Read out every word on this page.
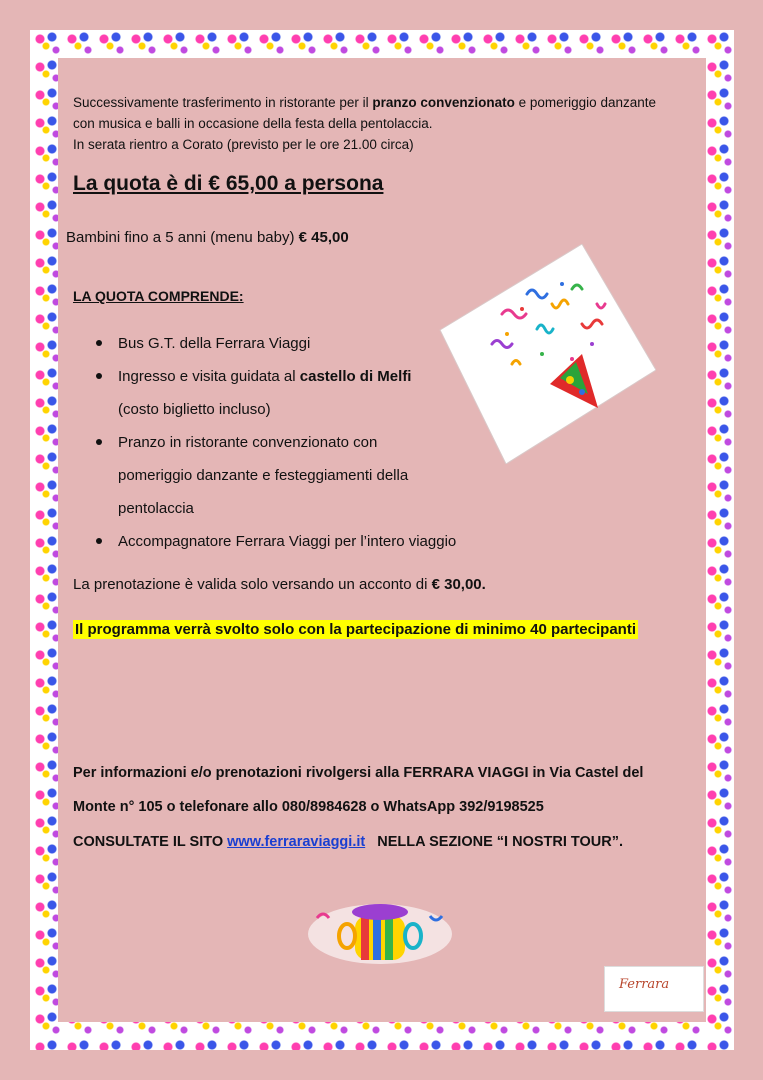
Successivamente trasferimento in ristorante per il pranzo convenzionato e pomeriggio danzante
con musica e balli in occasione della festa della pentolaccia.
In serata rientro a Corato (previsto per le ore 21.00 circa)
La quota è di € 65,00 a persona
Bambini fino a 5 anni (menu baby) € 45,00
LA QUOTA COMPRENDE:
Bus G.T. della Ferrara Viaggi
Ingresso e visita guidata al castello di Melfi (costo biglietto incluso)
Pranzo in ristorante convenzionato con pomeriggio danzante e festeggiamenti della pentolaccia
Accompagnatore Ferrara Viaggi per l’intero viaggio
La prenotazione è valida solo versando un acconto di € 30,00.
Il programma verrà svolto solo con la partecipazione di minimo 40 partecipanti
Per informazioni e/o prenotazioni rivolgersi alla FERRARA VIAGGI in Via Castel del
Monte n° 105 o telefonare allo 080/8984628 o WhatsApp 392/9198525
CONSULTATE IL SITO www.ferraraviaggi.it   NELLA SEZIONE “I NOSTRI TOUR”.
Ferrara
